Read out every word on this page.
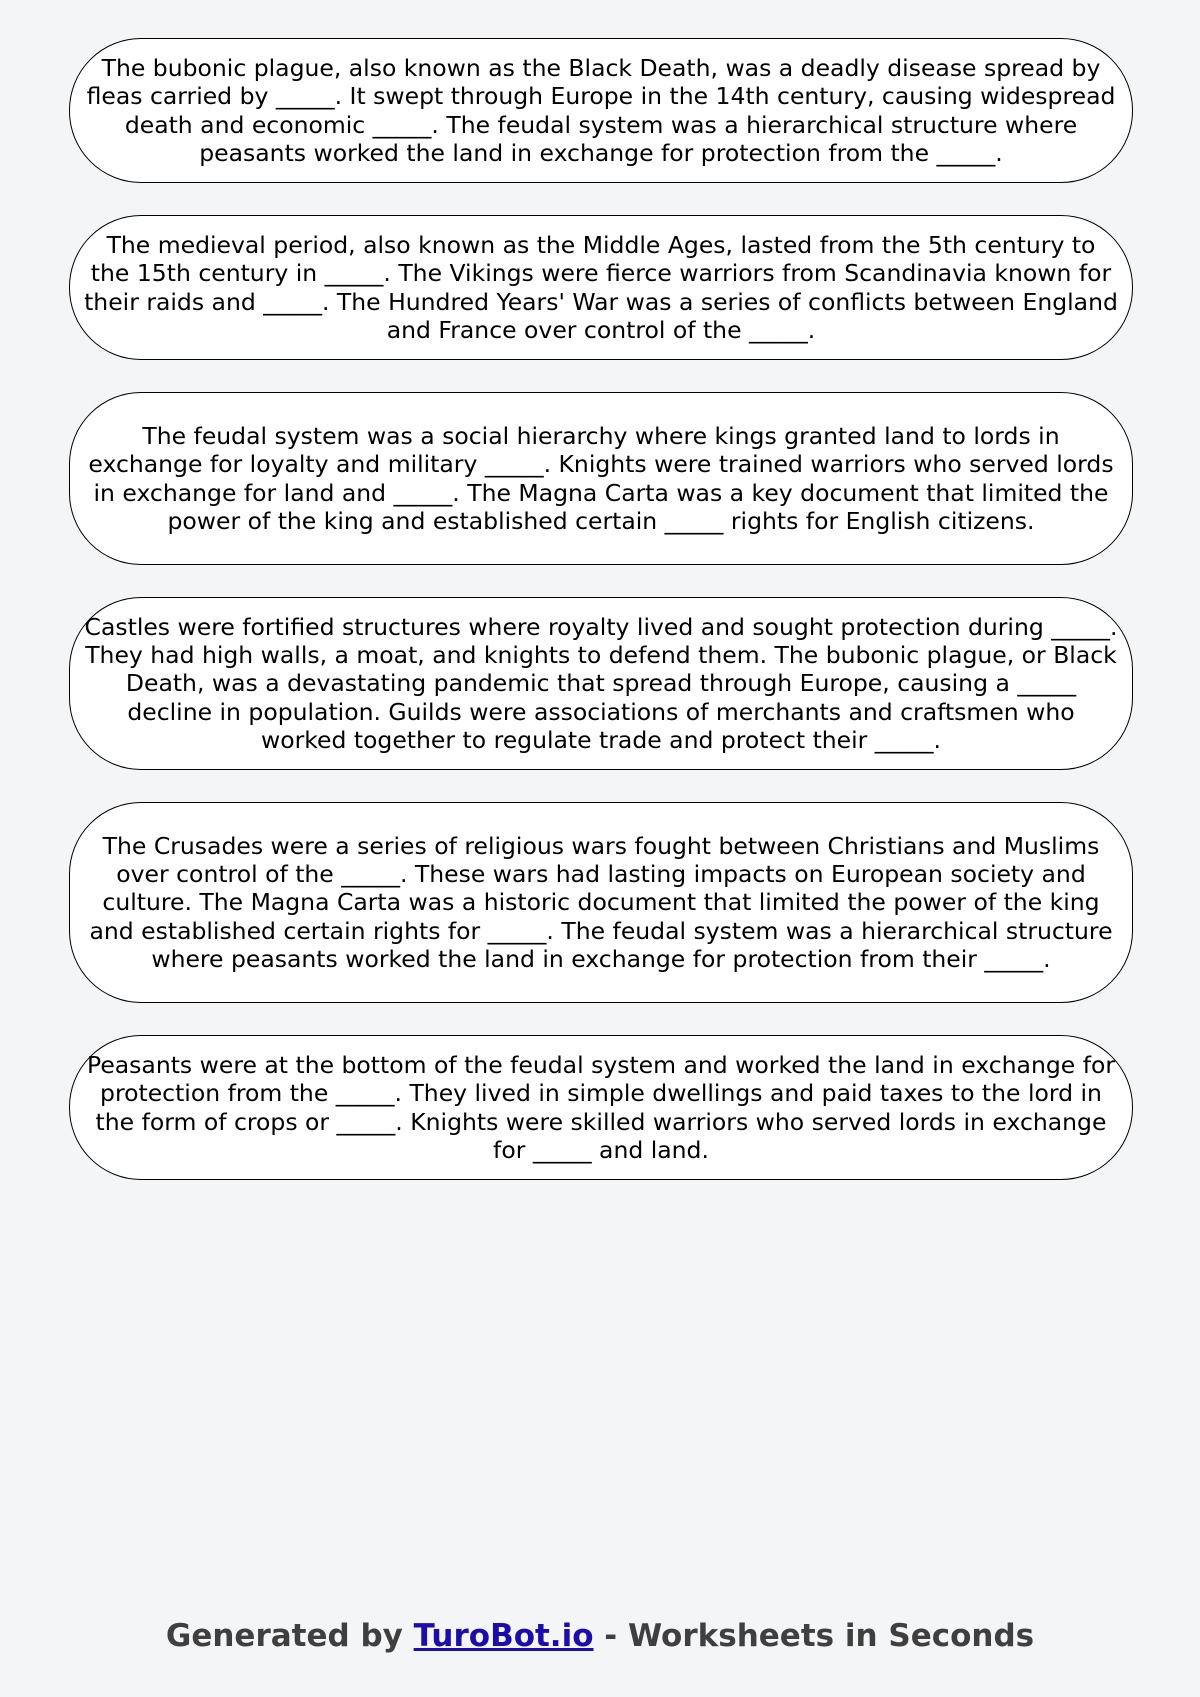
The bubonic plague, also known as the Black Death, was a deadly disease spread by fleas carried by _____. It swept through Europe in the 14th century, causing widespread death and economic _____. The feudal system was a hierarchical structure where peasants worked the land in exchange for protection from the _____.
The medieval period, also known as the Middle Ages, lasted from the 5th century to the 15th century in _____. The Vikings were fierce warriors from Scandinavia known for their raids and _____. The Hundred Years' War was a series of conflicts between England and France over control of the _____.
The feudal system was a social hierarchy where kings granted land to lords in exchange for loyalty and military _____. Knights were trained warriors who served lords in exchange for land and _____. The Magna Carta was a key document that limited the power of the king and established certain _____ rights for English citizens.
Castles were fortified structures where royalty lived and sought protection during _____. They had high walls, a moat, and knights to defend them. The bubonic plague, or Black Death, was a devastating pandemic that spread through Europe, causing a _____ decline in population. Guilds were associations of merchants and craftsmen who worked together to regulate trade and protect their _____.
The Crusades were a series of religious wars fought between Christians and Muslims over control of the _____. These wars had lasting impacts on European society and culture. The Magna Carta was a historic document that limited the power of the king and established certain rights for _____. The feudal system was a hierarchical structure where peasants worked the land in exchange for protection from their _____.
Peasants were at the bottom of the feudal system and worked the land in exchange for protection from the _____. They lived in simple dwellings and paid taxes to the lord in the form of crops or _____. Knights were skilled warriors who served lords in exchange for _____ and land.
Generated by TuroBot.io - Worksheets in Seconds
